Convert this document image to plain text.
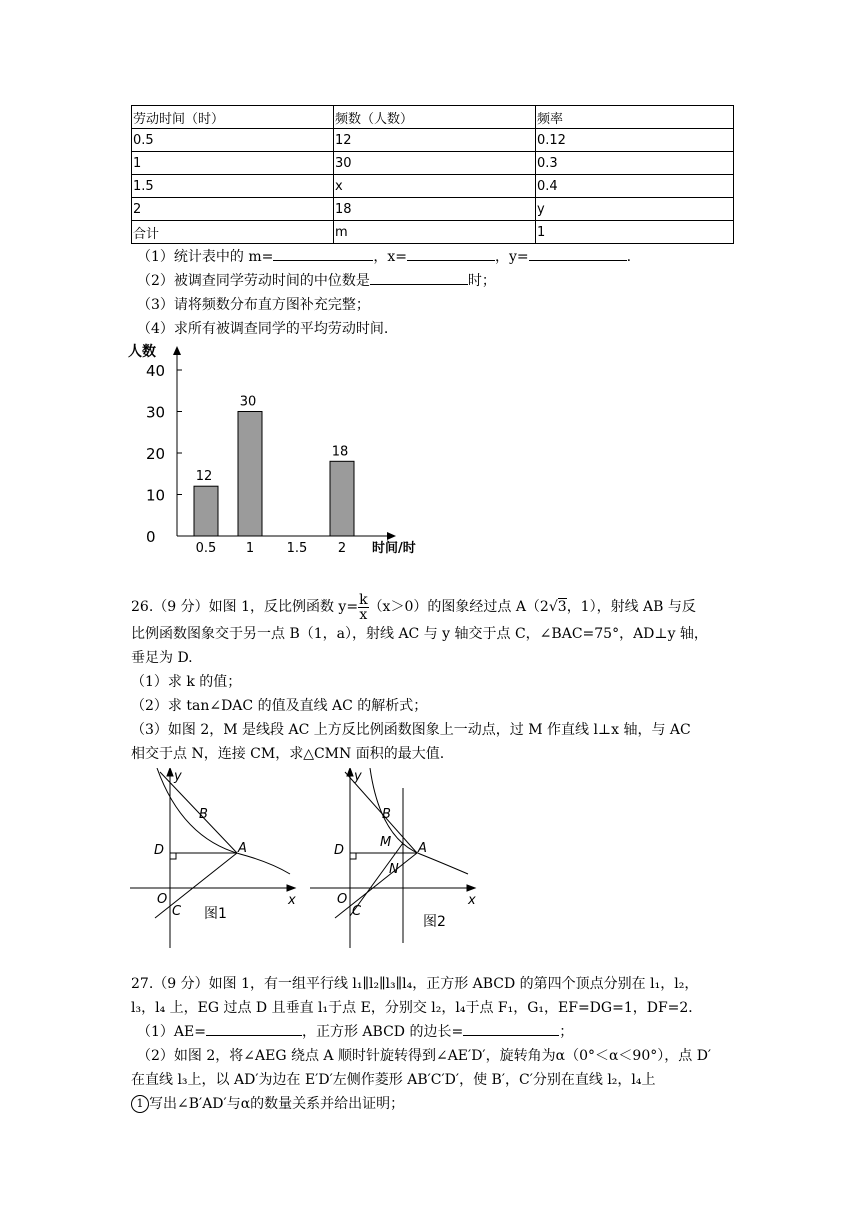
劳动时间（时）	频数（人数）	频率
0.5	12	0.12
1	30	0.3
1.5	x	0.4
2	18	y
合计	m	1
（1）统计表中的 m=	，x=	，y=	.
（2）被调查同学劳动时间的中位数是	时；
（3）请将频数分布直方图补充完整；
（4）求所有被调查同学的平均劳动时间.
人数
时间/时
0
10
20
30
40
0.5
12
1
30
1.5 2
18
26.（9 分）如图 1，反比例函数 $y= \frac{k}{x} (x>0)$的图象经过点 A（2√3，1），射线 AB 与反
比例函数图象交于另一点 B（1，a），射线 AC 与 y 轴交于点 C，∠BAC=75°，AD⊥y 轴，
垂足为 D.
（1）求 k 的值；
（2）求 tan∠DAC 的值及直线 AC 的解析式；
（3）如图 2，M 是线段 AC 上方反比例函数图象上一动点，过 M 作直线 l⊥x 轴，与 AC
相交于点 N，连接 CM，求△CMN 面积的最大值.
y
x
D
B
A
O
C 图1
y
x
D
B
A
M
N
O
C
图2
27.（9 分）如图 1，有一组平行线 l₁∥l₂∥l₃∥l₄，正方形 ABCD 的第四个顶点分别在 l₁，l₂，
l₃，l₄ 上，EG 过点 D 且垂直 l₁于点 E，分别交 l₂，l₄于点 F₁，G₁，EF=DG=1，DF=2．
（1）AE=	，正方形 ABCD 的边长=	；
（2）如图 2，将∠AEG 绕点 A 顺时针旋转得到∠AE′D′，旋转角为α（0°＜α＜90°），点 D′
在直线 l₃上，以 AD′为边在 E′D′左侧作菱形 AB′C′D′，使 B′，C′分别在直线 l₂，l₄上
1 写出∠B′AD′与α的数量关系并给出证明；
